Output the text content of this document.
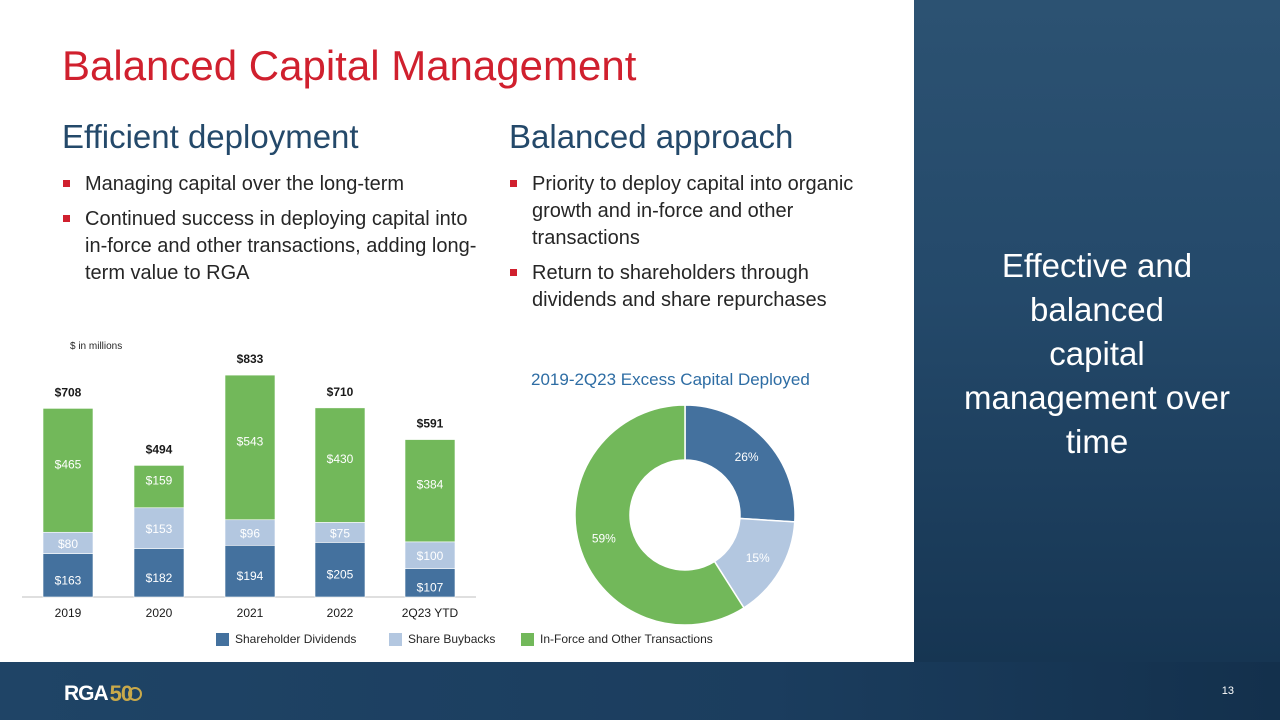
Effective and
balanced
capital
management over
time
Balanced Capital Management
Efficient deployment
Managing capital over the long-term
Continued success in deploying capital into in-force and other transactions, adding long-term value to RGA
Balanced approach
Priority to deploy capital into organic growth and in-force and other transactions
Return to shareholders through dividends and share repurchases
$ in millions
$163
$80
$465
$708
2019
$182
$153
$159
$494
2020
$194
$96
$543
$833
2021
$205
$75
$430
$710
2022
$107
$100
$384
$591
2Q23 YTD
2019-2Q23 Excess Capital Deployed
26%
15%
59%
Shareholder Dividends	Share Buybacks	In-Force and Other Transactions
RGA 50	13
